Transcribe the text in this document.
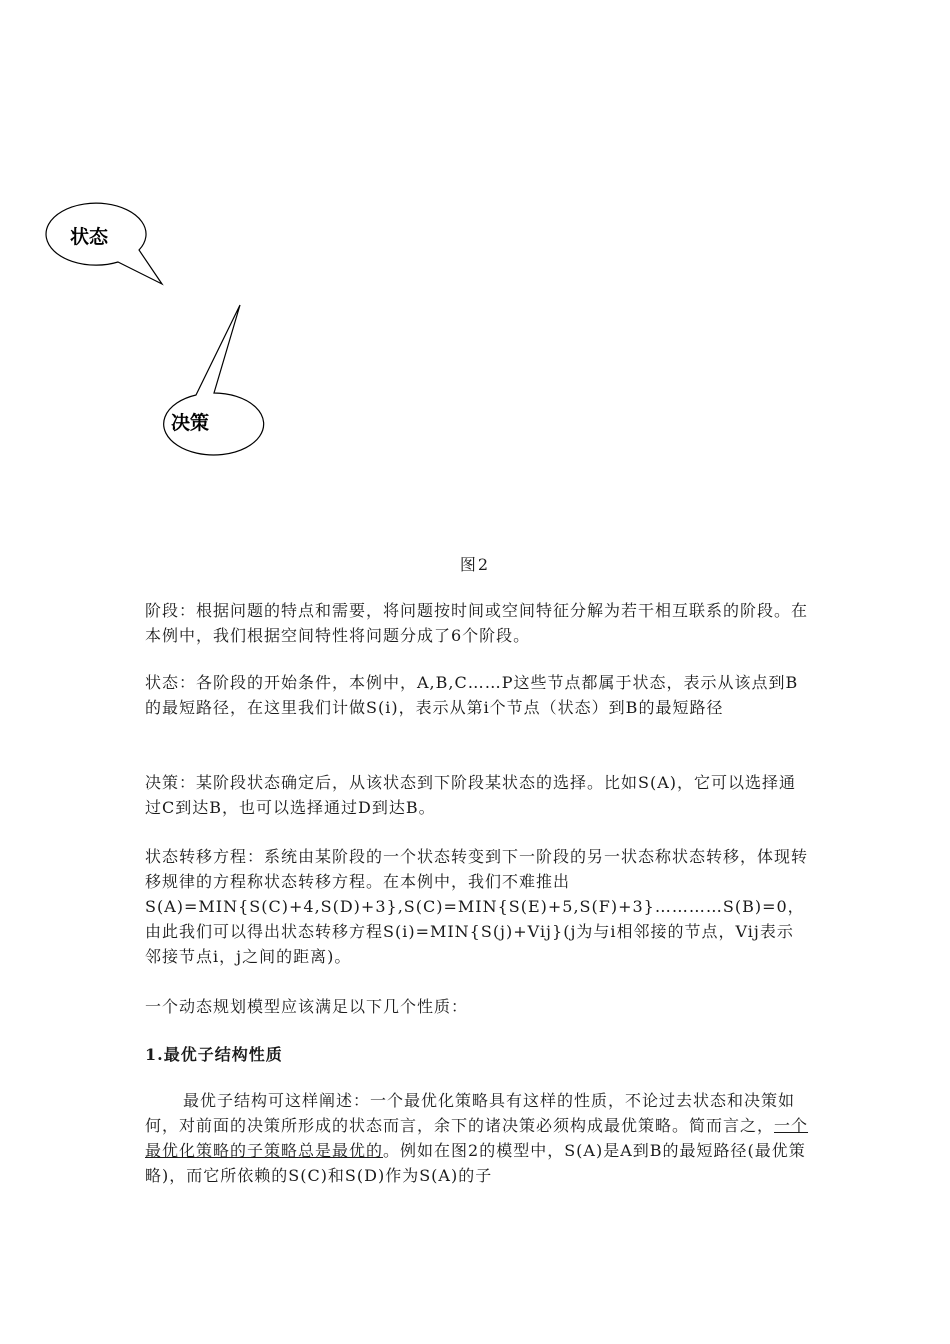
状态
决策
图2

阶段：根据问题的特点和需要，将问题按时间或空间特征分解为若干相互联系的阶段。在本例中，我们根据空间特性将问题分成了6个阶段。

状态：各阶段的开始条件，本例中，A,B,C……P这些节点都属于状态，表示从该点到B的最短路径，在这里我们计做S(i)，表示从第i个节点（状态）到B的最短路径

决策：某阶段状态确定后，从该状态到下阶段某状态的选择。比如S(A)，它可以选择通过C到达B，也可以选择通过D到达B。

状态转移方程：系统由某阶段的一个状态转变到下一阶段的另一状态称状态转移，体现转移规律的方程称状态转移方程。在本例中，我们不难推出S(A)=MIN{S(C)+4,S(D)+3},S(C)=MIN{S(E)+5,S(F)+3}…………S(B)=0，由此我们可以得出状态转移方程S(i)=MIN{S(j)+Vij}(j为与i相邻接的节点，Vij表示邻接节点i，j之间的距离)。

一个动态规划模型应该满足以下几个性质：

1.最优子结构性质

最优子结构可这样阐述：一个最优化策略具有这样的性质，不论过去状态和决策如何，对前面的决策所形成的状态而言，余下的诸决策必须构成最优策略。简而言之，一个最优化策略的子策略总是最优的。例如在图2的模型中，S(A)是A到B的最短路径(最优策略)，而它所依赖的S(C)和S(D)作为S(A)的子
